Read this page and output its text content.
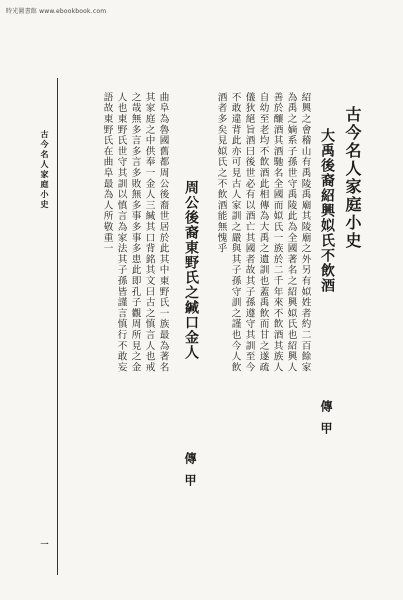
時光圖書館 www.ebookbook.com
古今名人家庭小史
大禹後裔紹興姒氏不飲酒
傳甲
紹興之會稽山有禹陵禹廟其陵廟之外另有姒姓者約二百餘家
為禹之嫡系子孫世守禹陵此為全國著名之紹興姒氏也紹興人
善於釀酒其酒馳名全國而姒氏一族於二千年來不飲酒其族人
自幼至老均不飲酒此相傳為大禹之遺訓也蓋禹飲而甘之遂疏
儀狄絕旨酒曰後世必有以酒亡其國者故其子孫遵守其訓至今
不敢違背此亦可見古人家訓之嚴與其子孫守訓之謹也今人飲
酒者多矣見姒氏之不飲酒能無愧乎
周公後裔東野氏之緘口金人
傳甲
曲阜為魯國舊都周公後裔世居於此其中東野氏一族最為著名
其家庭之中供奉一金人三緘其口背銘其文曰古之慎言人也戒
之哉無多言多言多敗無多事多事多患此即孔子觀周所見之金
人也東野氏世守其訓以慎言為家法其子孫皆謹言慎行不敢妄
語故東野氏在曲阜最為人所敬重一
古今名人家庭小史
一
